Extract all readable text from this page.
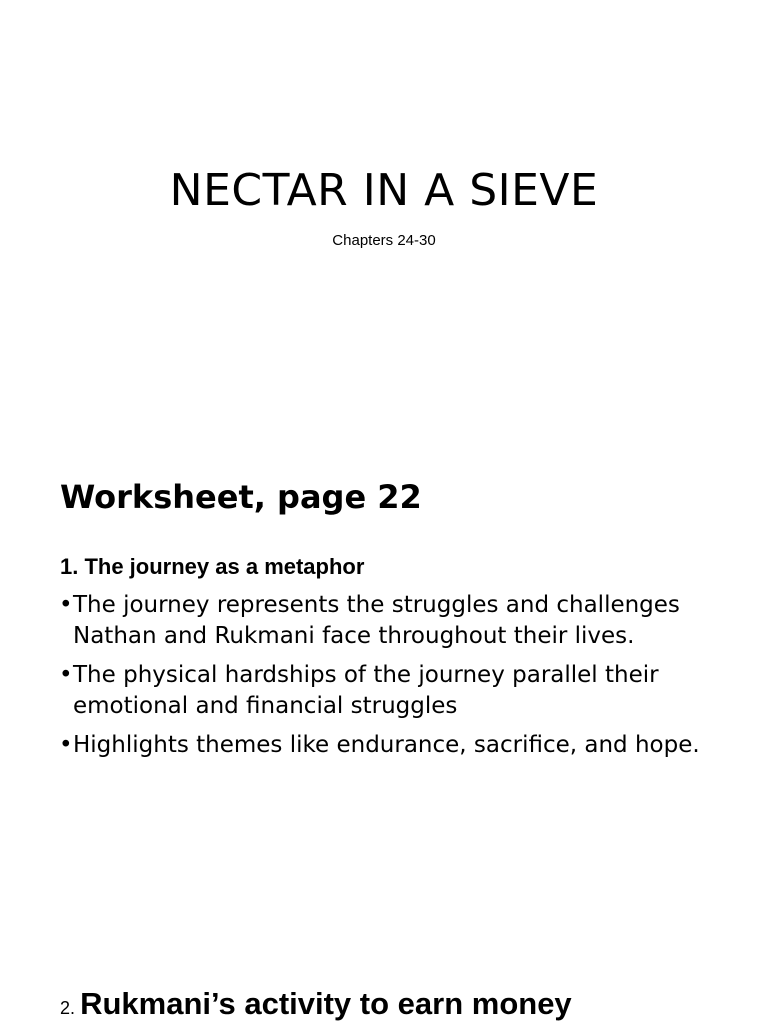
NECTAR IN A SIEVE
Chapters 24-30
Worksheet, page 22
1. The journey as a metaphor
• The journey represents the struggles and challenges Nathan and Rukmani face throughout their lives.
• The physical hardships of the journey parallel their emotional and financial struggles
• Highlights themes like endurance, sacrifice, and hope.
2. Rukmani’s activity to earn money
